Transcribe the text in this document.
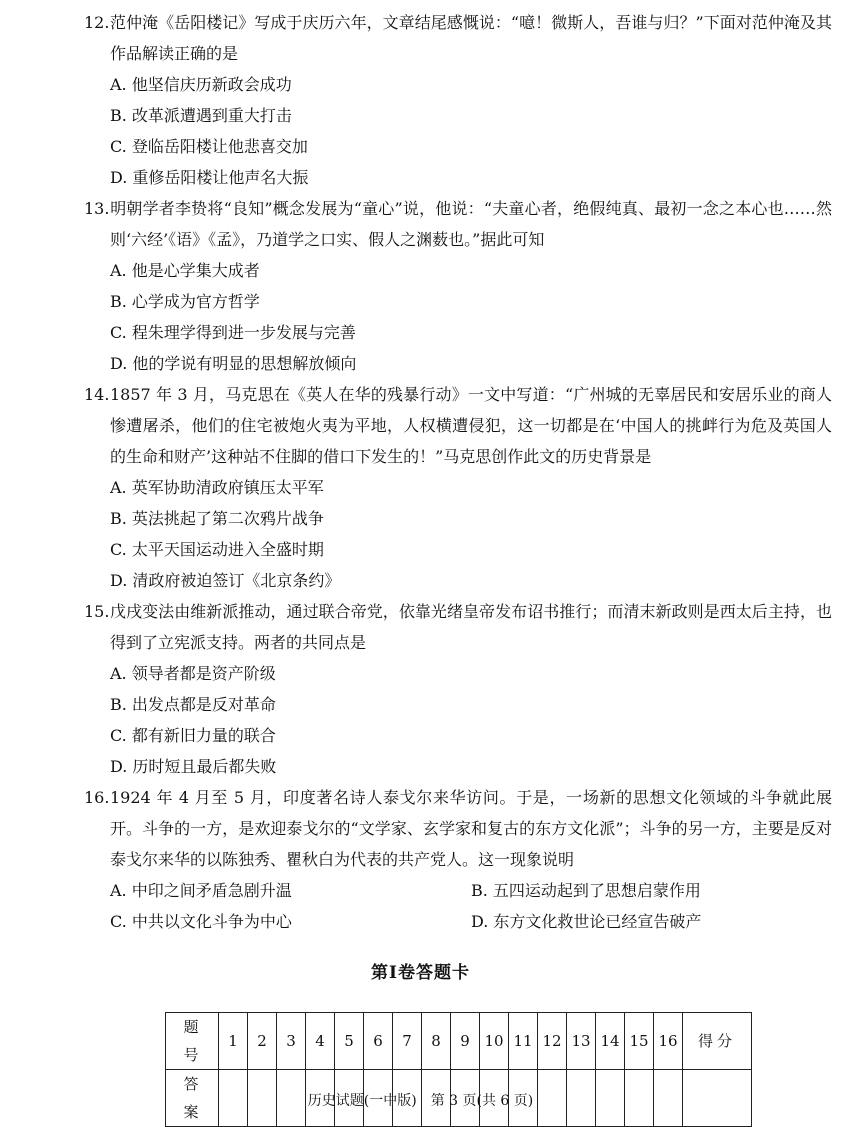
12.范仲淹《岳阳楼记》写成于庆历六年，文章结尾感慨说：“噫！微斯人，吾谁与归？”下面对范仲淹及其作品解读正确的是

A. 他坚信庆历新政会成功

B. 改革派遭遇到重大打击

C. 登临岳阳楼让他悲喜交加

D. 重修岳阳楼让他声名大振

13.明朝学者李贽将“良知”概念发展为“童心”说，他说：“夫童心者，绝假纯真、最初一念之本心也……然则‘六经’《语》《孟》，乃道学之口实、假人之渊薮也。”据此可知

A. 他是心学集大成者

B. 心学成为官方哲学

C. 程朱理学得到进一步发展与完善

D. 他的学说有明显的思想解放倾向

14.1857 年 3 月，马克思在《英人在华的残暴行动》一文中写道：“广州城的无辜居民和安居乐业的商人惨遭屠杀，他们的住宅被炮火夷为平地，人权横遭侵犯，这一切都是在‘中国人的挑衅行为危及英国人的生命和财产’这种站不住脚的借口下发生的！”马克思创作此文的历史背景是

A. 英军协助清政府镇压太平军

B. 英法挑起了第二次鸦片战争

C. 太平天国运动进入全盛时期

D. 清政府被迫签订《北京条约》

15.戊戌变法由维新派推动，通过联合帝党，依靠光绪皇帝发布诏书推行；而清末新政则是西太后主持，也得到了立宪派支持。两者的共同点是

A. 领导者都是资产阶级

B. 出发点都是反对革命

C. 都有新旧力量的联合

D. 历时短且最后都失败

16.1924 年 4 月至 5 月，印度著名诗人泰戈尔来华访问。于是，一场新的思想文化领域的斗争就此展开。斗争的一方，是欢迎泰戈尔的“文学家、玄学家和复古的东方文化派”；斗争的另一方，主要是反对泰戈尔来华的以陈独秀、瞿秋白为代表的共产党人。这一现象说明

A. 中印之间矛盾急剧升温	B. 五四运动起到了思想启蒙作用

C. 中共以文化斗争为中心	D. 东方文化救世论已经宣告破产

第Ⅰ卷答题卡
题 号	1	2	3	4	5	6	7	8	9	10	11	12	13	14	15	16	得分
答 案																	
历史试题(一中版)　第 3 页(共 6 页)
